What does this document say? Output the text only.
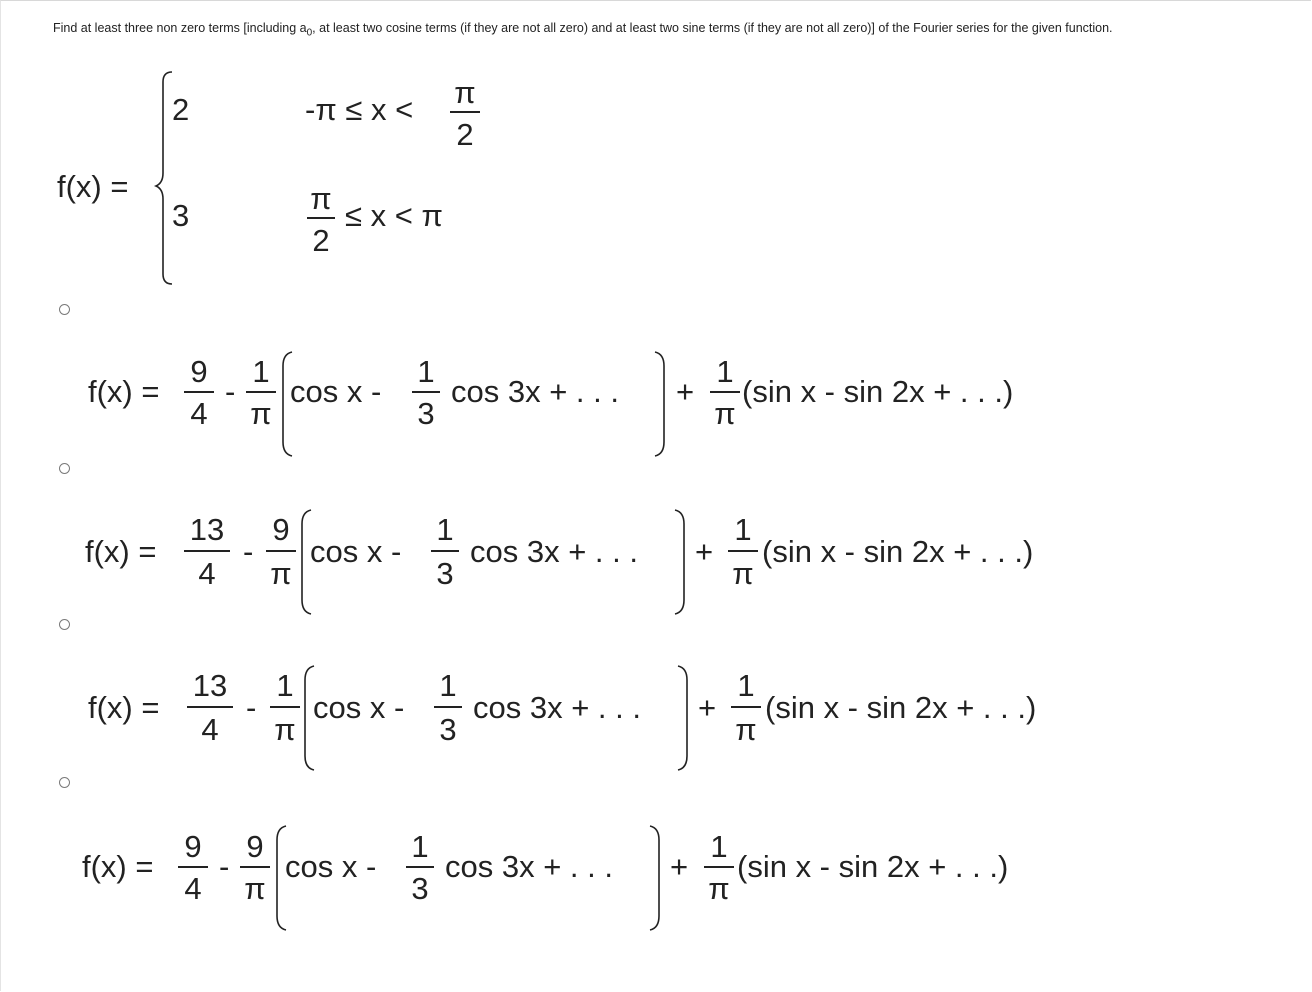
Find at least three non zero terms [including $a_0$, at least two cosine terms (if they are not all zero) and at least two sine terms (if they are not all zero)] of the Fourier series for the given function.
f(x) =
2	-π ≤ x < π
2
3	π
2
≤ x < π
f(x) =
9
4
-
1
π
cos x -
1
3
cos 3x + . . . +
1
π
(sin x - sin 2x + . . .)
f(x) =
13
4
-
9
π
cos x -
1
3
cos 3x + . . . +
1
π
(sin x - sin 2x + . . .)
f(x) =
13
4
-
1
π
cos x -
1
3
cos 3x + . . . +
1
π
(sin x - sin 2x + . . .)
f(x) =
9
4
-
9
π
cos x -
1
3
cos 3x + . . . +
1
π
(sin x - sin 2x + . . .)
